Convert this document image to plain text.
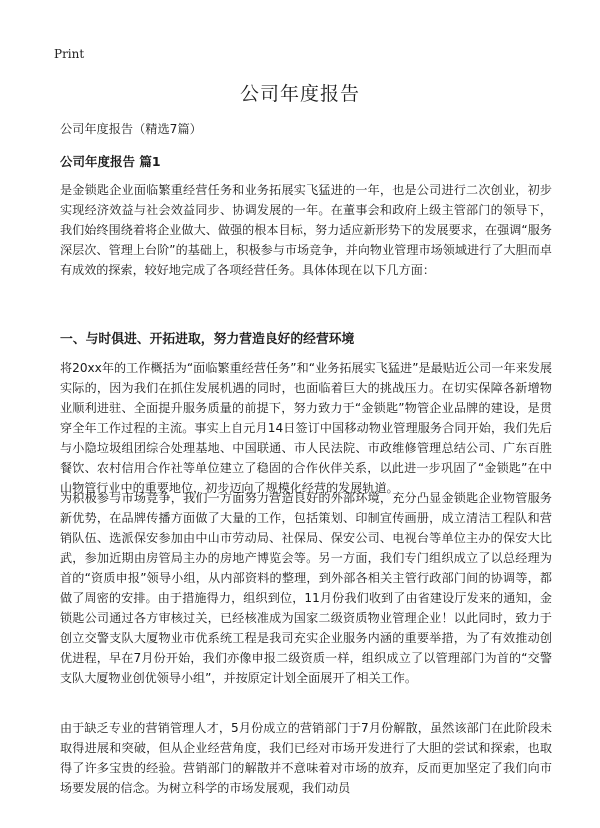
Print
公司年度报告
公司年度报告（精选7篇）
公司年度报告 篇1

是金锁匙企业面临繁重经营任务和业务拓展实飞猛进的一年，也是公司进行二次创业，初步实现经济效益与社会效益同步、协调发展的一年。在董事会和政府上级主管部门的领导下，我们始终围绕着将企业做大、做强的根本目标，努力适应新形势下的发展要求，在强调“服务深层次、管理上台阶”的基础上，积极参与市场竞争，并向物业管理市场领域进行了大胆而卓有成效的探索，较好地完成了各项经营任务。具体体现在以下几方面：

一、与时俱进、开拓进取，努力营造良好的经营环境

将20xx年的工作概括为“面临繁重经营任务”和“业务拓展实飞猛进”是最贴近公司一年来发展实际的，因为我们在抓住发展机遇的同时，也面临着巨大的挑战压力。在切实保障各新增物业顺利进驻、全面提升服务质量的前提下，努力致力于“金锁匙”物管企业品牌的建设，是贯穿全年工作过程的主流。事实上自元月14日签订中国移动物业管理服务合同开始，我们先后与小隐垃圾组团综合处理基地、中国联通、市人民法院、市政维修管理总结公司、广东百胜餐饮、农村信用合作社等单位建立了稳固的合作伙伴关系，以此进一步巩固了“金锁匙”在中山物管行业中的重要地位，初步迈向了规模化经营的发展轨道。

为积极参与市场竞争，我们一方面努力营造良好的外部环境，充分凸显金锁匙企业物管服务新优势，在品牌传播方面做了大量的工作，包括策划、印制宣传画册，成立清洁工程队和营销队伍、选派保安参加由中山市劳动局、社保局、保安公司、电视台等单位主办的保安大比武，参加近期由房管局主办的房地产博览会等。另一方面，我们专门组织成立了以总经理为首的“资质申报”领导小组，从内部资料的整理，到外部各相关主管行政部门间的协调等，都做了周密的安排。由于措施得力，组织到位，11月份我们收到了由省建设厅发来的通知，金锁匙公司通过各方审核过关，已经核准成为国家二级资质物业管理企业！以此同时，致力于创立交警支队大厦物业市优系统工程是我司充实企业服务内涵的重要举措，为了有效推动创优进程，早在7月份开始，我们亦像申报二级资质一样，组织成立了以管理部门为首的“交警支队大厦物业创优领导小组”，并按原定计划全面展开了相关工作。

由于缺乏专业的营销管理人才，5月份成立的营销部门于7月份解散，虽然该部门在此阶段未取得进展和突破，但从企业经营角度，我们已经对市场开发进行了大胆的尝试和探索，也取得了许多宝贵的经验。营销部门的解散并不意味着对市场的放弃，反而更加坚定了我们向市场要发展的信念。为树立科学的市场发展观，我们动员
